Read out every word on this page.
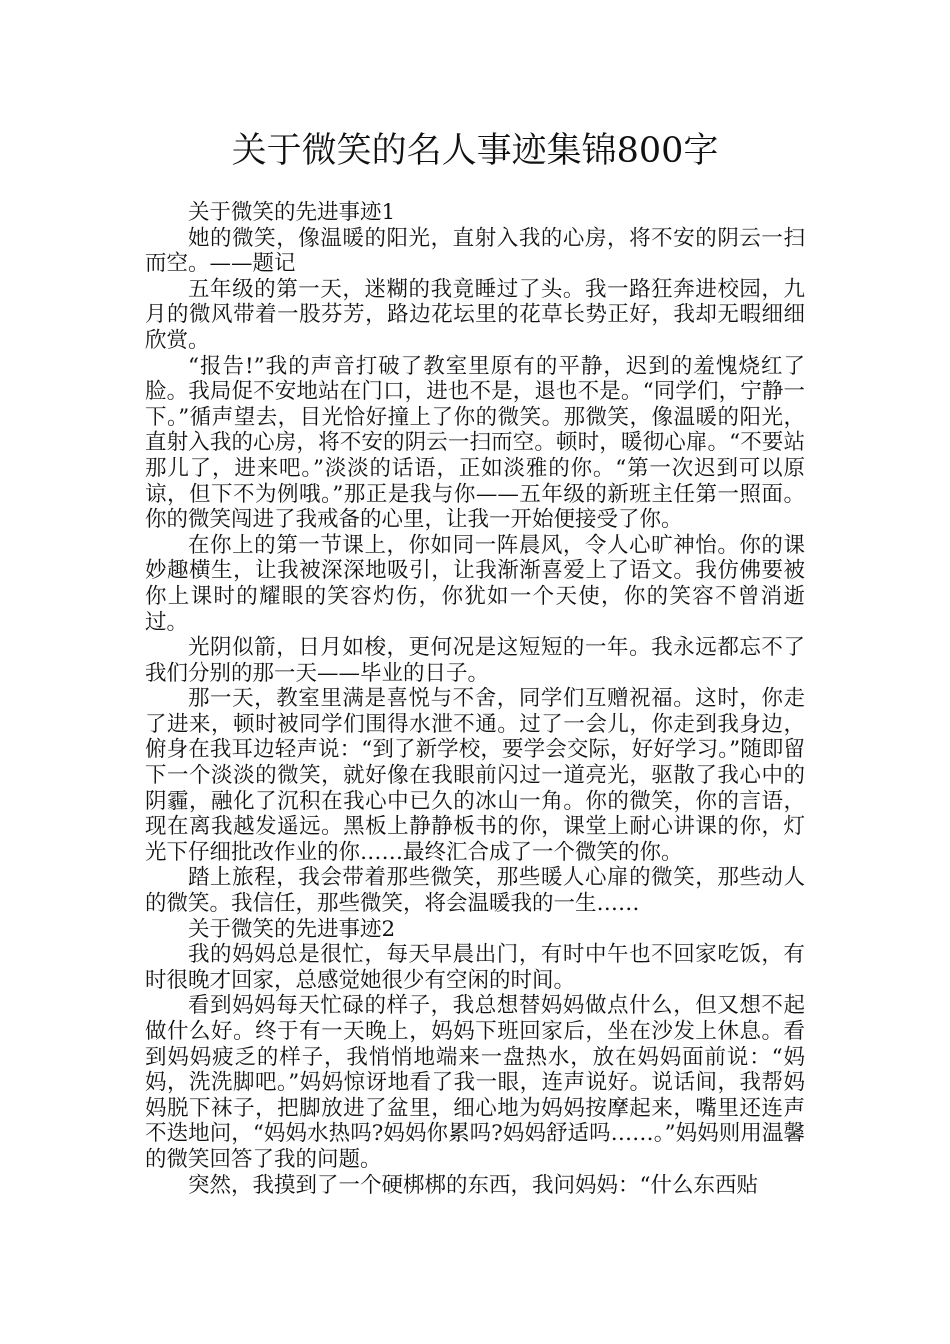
关于微笑的名人事迹集锦800字

关于微笑的先进事迹1

她的微笑，像温暖的阳光，直射入我的心房，将不安的阴云一扫而空。——题记

五年级的第一天，迷糊的我竟睡过了头。我一路狂奔进校园，九月的微风带着一股芬芳，路边花坛里的花草长势正好，我却无暇细细欣赏。

“报告!”我的声音打破了教室里原有的平静，迟到的羞愧烧红了脸。我局促不安地站在门口，进也不是，退也不是。“同学们，宁静一下。”循声望去，目光恰好撞上了你的微笑。那微笑，像温暖的阳光，直射入我的心房，将不安的阴云一扫而空。顿时，暖彻心扉。“不要站那儿了，进来吧。”淡淡的话语，正如淡雅的你。“第一次迟到可以原谅，但下不为例哦。”那正是我与你——五年级的新班主任第一照面。你的微笑闯进了我戒备的心里，让我一开始便接受了你。

在你上的第一节课上，你如同一阵晨风，令人心旷神怡。你的课妙趣横生，让我被深深地吸引，让我渐渐喜爱上了语文。我仿佛要被你上课时的耀眼的笑容灼伤，你犹如一个天使，你的笑容不曾消逝过。

光阴似箭，日月如梭，更何况是这短短的一年。我永远都忘不了我们分别的那一天——毕业的日子。

那一天，教室里满是喜悦与不舍，同学们互赠祝福。这时，你走了进来，顿时被同学们围得水泄不通。过了一会儿，你走到我身边，俯身在我耳边轻声说：“到了新学校，要学会交际，好好学习。”随即留下一个淡淡的微笑，就好像在我眼前闪过一道亮光，驱散了我心中的阴霾，融化了沉积在我心中已久的冰山一角。你的微笑，你的言语，现在离我越发遥远。黑板上静静板书的你，课堂上耐心讲课的你，灯光下仔细批改作业的你……最终汇合成了一个微笑的你。

踏上旅程，我会带着那些微笑，那些暖人心扉的微笑，那些动人的微笑。我信任，那些微笑，将会温暖我的一生……

关于微笑的先进事迹2

我的妈妈总是很忙，每天早晨出门，有时中午也不回家吃饭，有时很晚才回家，总感觉她很少有空闲的时间。

看到妈妈每天忙碌的样子，我总想替妈妈做点什么，但又想不起做什么好。终于有一天晚上，妈妈下班回家后，坐在沙发上休息。看到妈妈疲乏的样子，我悄悄地端来一盘热水，放在妈妈面前说：“妈妈，洗洗脚吧。”妈妈惊讶地看了我一眼，连声说好。说话间，我帮妈妈脱下袜子，把脚放进了盆里，细心地为妈妈按摩起来，嘴里还连声不迭地问，“妈妈水热吗?妈妈你累吗?妈妈舒适吗……。”妈妈则用温馨的微笑回答了我的问题。

突然，我摸到了一个硬梆梆的东西，我问妈妈：“什么东西贴
